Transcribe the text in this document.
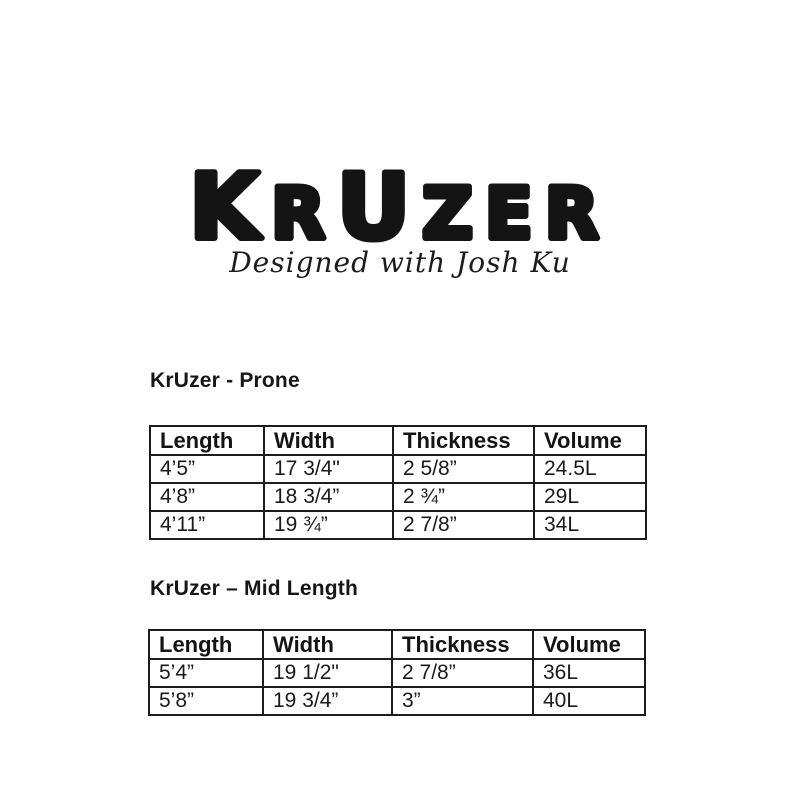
KRUZER
Designed with Josh Ku
KrUzer - Prone
Length	Width	Thickness	Volume
4’5”	17 3/4"	2 5/8”	24.5L
4’8”	18 3/4”	2 ¾”	29L
4’11”	19 ¾”	2 7/8”	34L
KrUzer – Mid Length
Length	Width	Thickness	Volume
5’4”	19 1/2"	2 7/8”	36L
5’8”	19 3/4”	3”	40L
